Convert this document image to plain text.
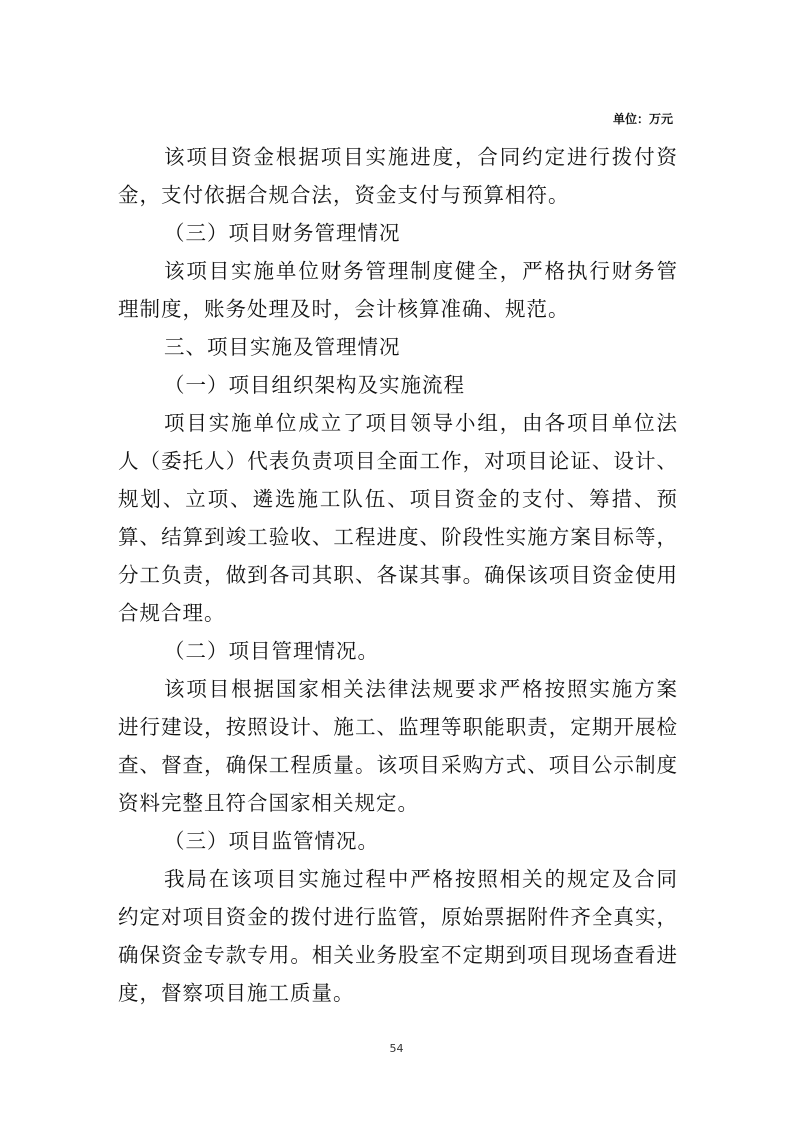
单位：万元

该项目资金根据项目实施进度，合同约定进行拨付资金，支付依据合规合法，资金支付与预算相符。

（三）项目财务管理情况

该项目实施单位财务管理制度健全，严格执行财务管理制度，账务处理及时，会计核算准确、规范。

三、项目实施及管理情况

（一）项目组织架构及实施流程

项目实施单位成立了项目领导小组，由各项目单位法人（委托人）代表负责项目全面工作，对项目论证、设计、规划、立项、遴选施工队伍、项目资金的支付、筹措、预算、结算到竣工验收、工程进度、阶段性实施方案目标等，分工负责，做到各司其职、各谋其事。确保该项目资金使用合规合理。

（二）项目管理情况。

该项目根据国家相关法律法规要求严格按照实施方案进行建设，按照设计、施工、监理等职能职责，定期开展检查、督查，确保工程质量。该项目采购方式、项目公示制度资料完整且符合国家相关规定。

（三）项目监管情况。

我局在该项目实施过程中严格按照相关的规定及合同约定对项目资金的拨付进行监管，原始票据附件齐全真实，确保资金专款专用。相关业务股室不定期到项目现场查看进度，督察项目施工质量。

54
